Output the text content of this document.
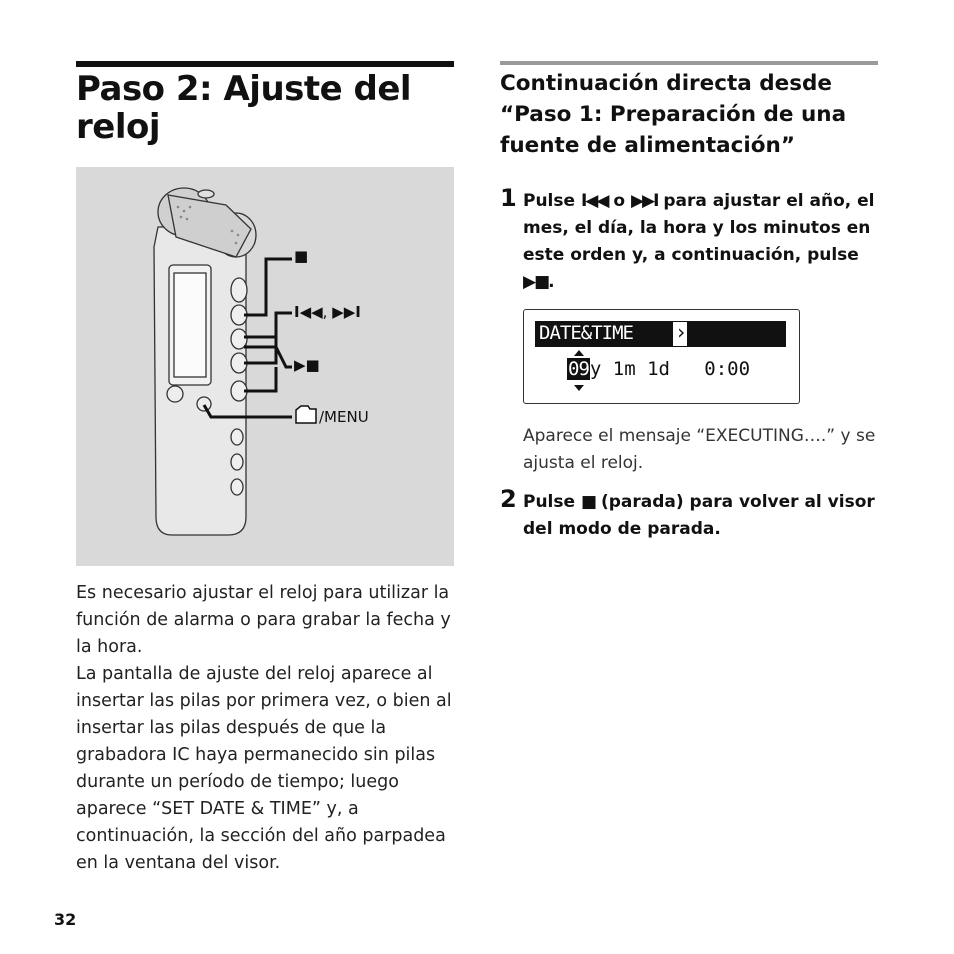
Paso 2: Ajuste del reloj
■
I◀◀, ▶▶I
▶■
/MENU

Es necesario ajustar el reloj para utilizar la función de alarma o para grabar la fecha y la hora.

La pantalla de ajuste del reloj aparece al insertar las pilas por primera vez, o bien al insertar las pilas después de que la grabadora IC haya permanecido sin pilas durante un período de tiempo; luego aparece “SET DATE & TIME” y, a continuación, la sección del año parpadea en la ventana del visor.

32
Continuación directa desde “Paso 1: Preparación de una fuente de alimentación”
1 Pulse I◀◀ o ▶▶I para ajustar el año, el mes, el día, la hora y los minutos en este orden y, a continuación, pulse ▶■.
DATE&TIME ›
09y 1m 1d   0:00
Aparece el mensaje “EXECUTING….” y se ajusta el reloj.
2 Pulse ■ (parada) para volver al visor del modo de parada.
